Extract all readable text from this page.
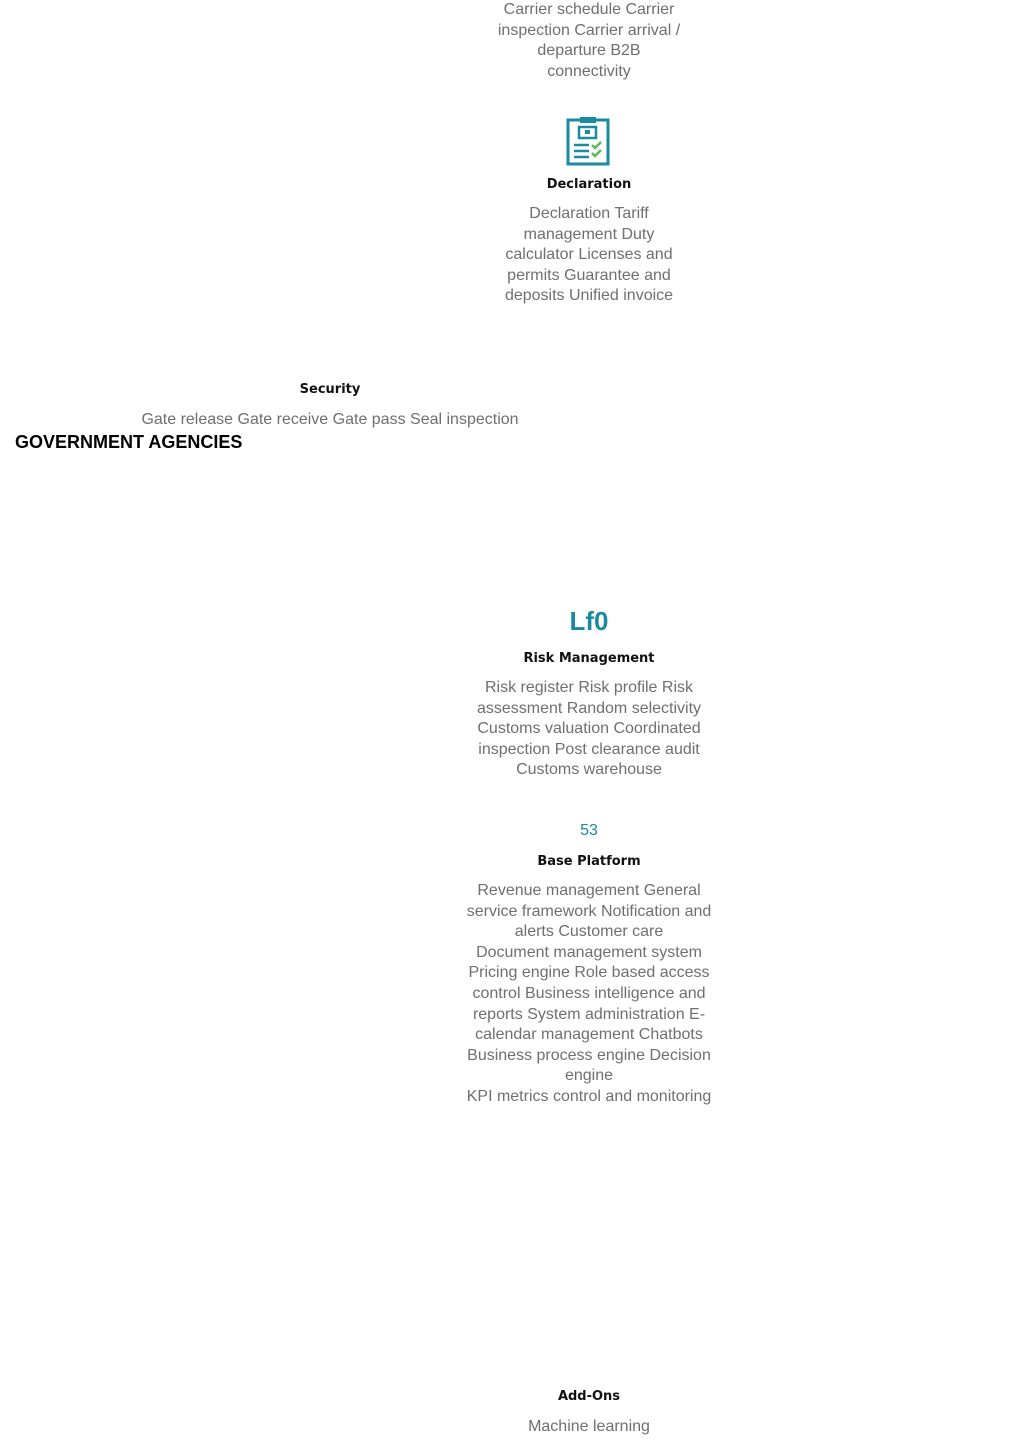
Carrier schedule Carrier
inspection Carrier arrival /
departure B2B
connectivity
Declaration
Declaration Tariff
management Duty
calculator Licenses and
permits Guarantee and
deposits Unified invoice
Security
Gate release Gate receive Gate pass Seal inspection
GOVERNMENT AGENCIES
Lf0
Risk Management
Risk register Risk profile Risk
assessment Random selectivity
Customs valuation Coordinated
inspection Post clearance audit
Customs warehouse
53
Base Platform
Revenue management General
service framework Notification and
alerts Customer care
Document management system
Pricing engine Role based access
control Business intelligence and
reports System administration E-
calendar management Chatbots
Business process engine Decision
engine
KPI metrics control and monitoring
Add-Ons
Machine learning
